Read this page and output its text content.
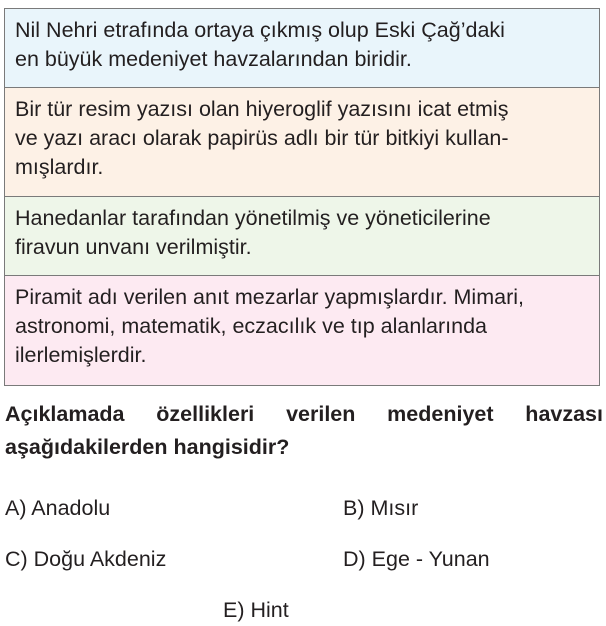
Nil Nehri etrafında ortaya çıkmış olup Eski Çağ’daki
en büyük medeniyet havzalarından biridir.
Bir tür resim yazısı olan hiyeroglif yazısını icat etmiş
ve yazı aracı olarak papirüs adlı bir tür bitkiyi kullan-
mışlardır.
Hanedanlar tarafından yönetilmiş ve yöneticilerine
firavun unvanı verilmiştir.
Piramit adı verilen anıt mezarlar yapmışlardır. Mimari,
astronomi, matematik, eczacılık ve tıp alanlarında
ilerlemişlerdir.
Açıklamada özellikleri verilen medeniyet havzası
aşağıdakilerden hangisidir?
A) Anadolu	B) Mısır
C) Doğu Akdeniz	D) Ege - Yunan
E) Hint
